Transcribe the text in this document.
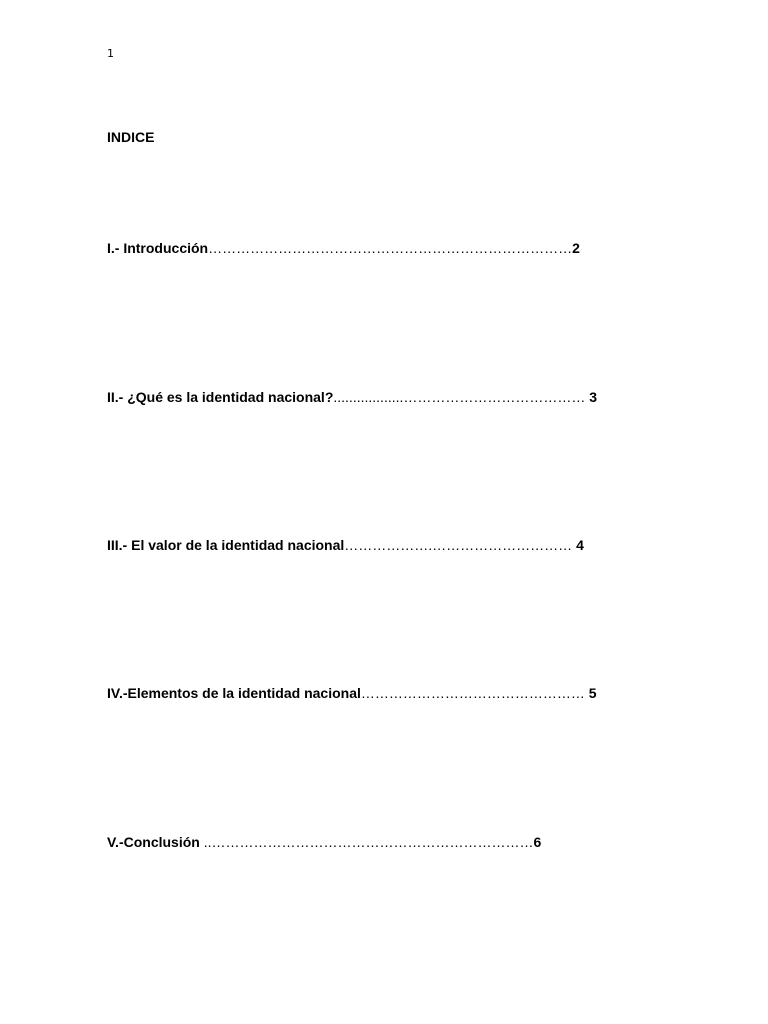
1
INDICE
I.- Introducción……………………………………………………………………2
II.- ¿Qué es la identidad nacional?..................………………………………… 3
III.- El valor de la identidad nacional……………….………………………… 4
IV.-Elementos de la identidad nacional………………………………………… 5
V.-Conclusión ..……………………………………………………………6
